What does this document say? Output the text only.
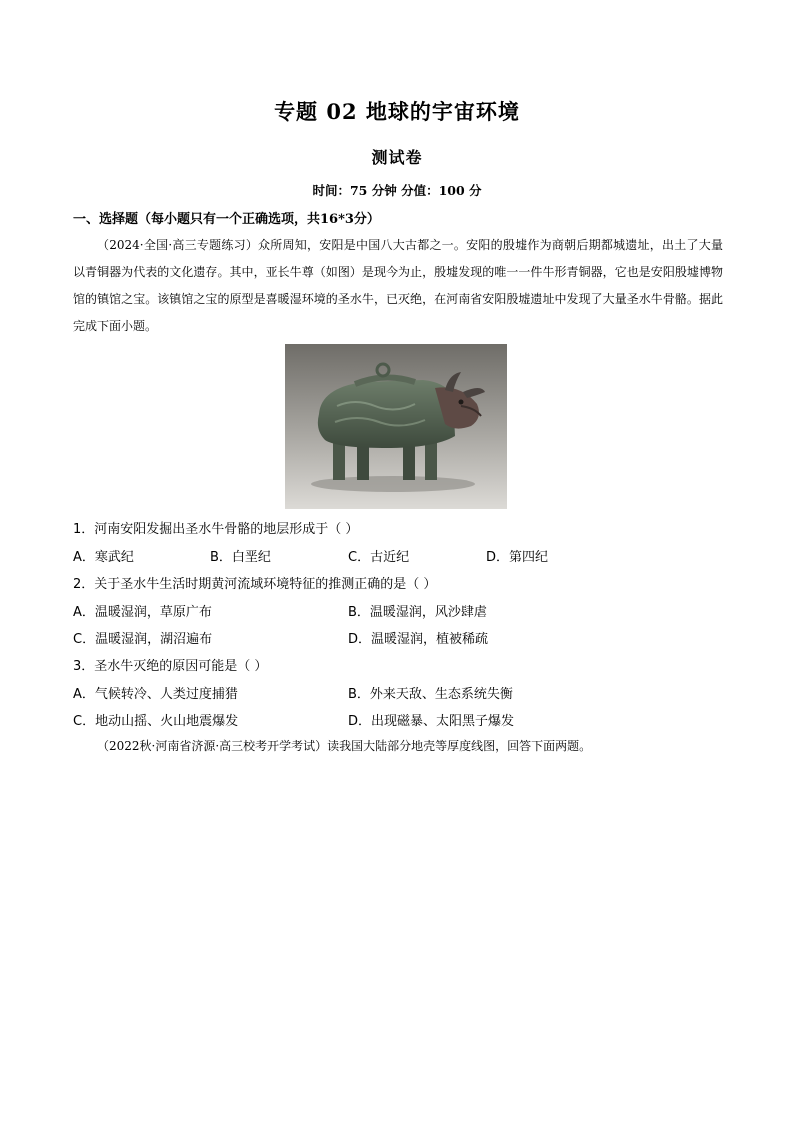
专题 02 地球的宇宙环境
测试卷
时间：75 分钟 分值：100 分
一、选择题（每小题只有一个正确选项，共16*3分）
（2024·全国·高三专题练习）众所周知，安阳是中国八大古都之一。安阳的殷墟作为商朝后期都城遗址，出土了大量以青铜器为代表的文化遗存。其中，亚长牛尊（如图）是现今为止，殷墟发现的唯一一件牛形青铜器，它也是安阳殷墟博物馆的镇馆之宝。该镇馆之宝的原型是喜暖湿环境的圣水牛，已灭绝，在河南省安阳殷墟遗址中发现了大量圣水牛骨骼。据此完成下面小题。
1．河南安阳发掘出圣水牛骨骼的地层形成于（ ）
A．寒武纪	B．白垩纪	C．古近纪	D．第四纪
2．关于圣水牛生活时期黄河流域环境特征的推测正确的是（ ）
A．温暖湿润，草原广布	B．温暖湿润，风沙肆虐
C．温暖湿润，湖沼遍布	D．温暖湿润，植被稀疏
3．圣水牛灭绝的原因可能是（ ）
A．气候转冷、人类过度捕猎	B．外来天敌、生态系统失衡
C．地动山摇、火山地震爆发	D．出现磁暴、太阳黑子爆发
（2022秋·河南省济源·高三校考开学考试）读我国大陆部分地壳等厚度线图，回答下面两题。
